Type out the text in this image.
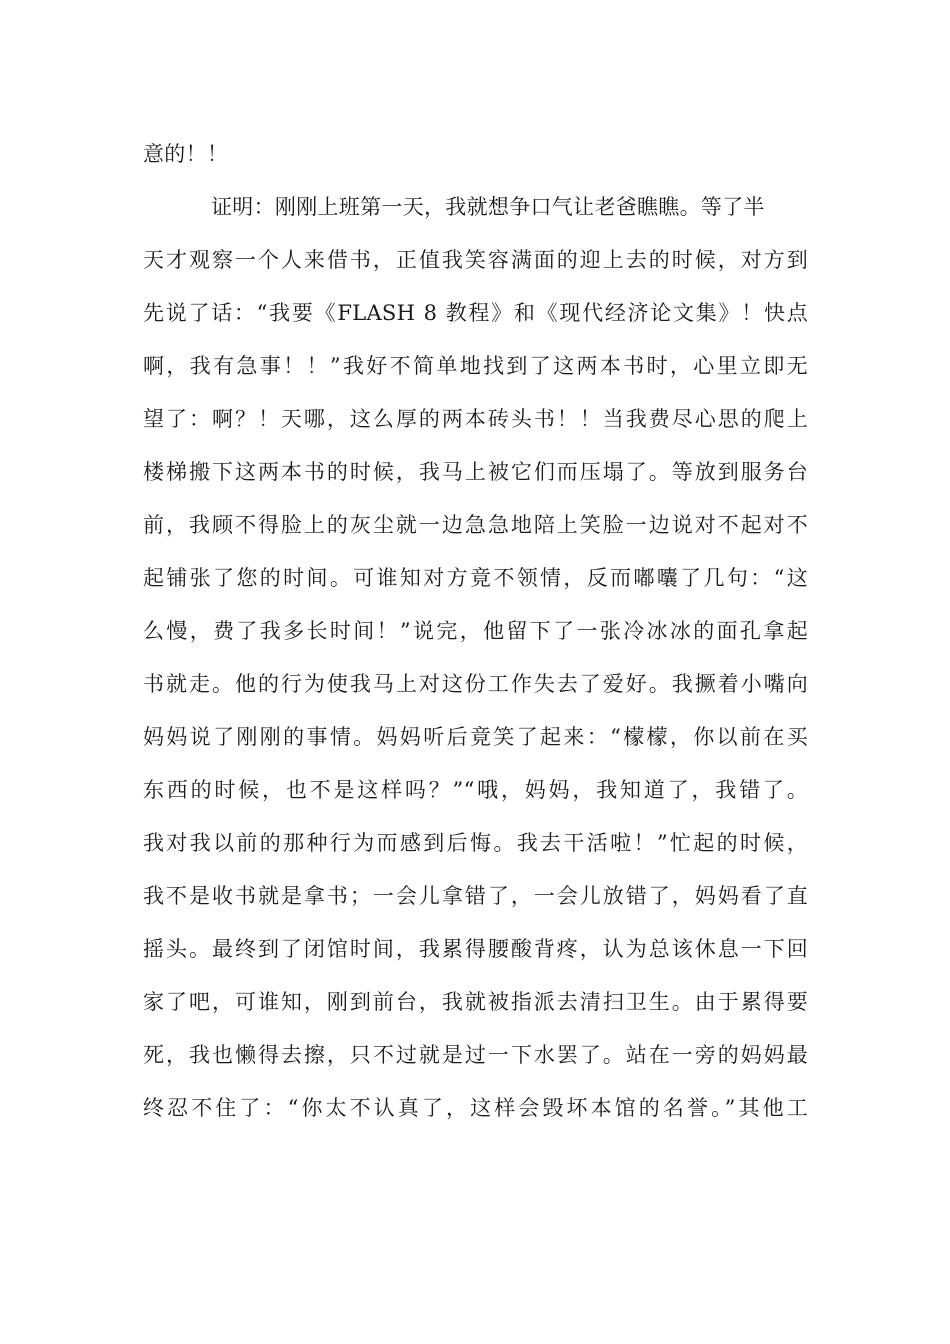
意的！！
证明：刚刚上班第一天，我就想争口气让老爸瞧瞧。等了半
天才观察一个人来借书，正值我笑容满面的迎上去的时候，对方到
先说了话：“我要《FLASH 8 教程》和《现代经济论文集》！快点
啊，我有急事！！”我好不简单地找到了这两本书时，心里立即无
望了：啊？！天哪，这么厚的两本砖头书！！当我费尽心思的爬上
楼梯搬下这两本书的时候，我马上被它们而压塌了。等放到服务台
前，我顾不得脸上的灰尘就一边急急地陪上笑脸一边说对不起对不
起铺张了您的时间。可谁知对方竟不领情，反而嘟囔了几句：“这
么慢，费了我多长时间！”说完，他留下了一张冷冰冰的面孔拿起
书就走。他的行为使我马上对这份工作失去了爱好。我撅着小嘴向
妈妈说了刚刚的事情。妈妈听后竟笑了起来：“檬檬，你以前在买
东西的时候，也不是这样吗？”“哦，妈妈，我知道了，我错了。
我对我以前的那种行为而感到后悔。我去干活啦！”忙起的时候，
我不是收书就是拿书；一会儿拿错了，一会儿放错了，妈妈看了直
摇头。最终到了闭馆时间，我累得腰酸背疼，认为总该休息一下回
家了吧，可谁知，刚到前台，我就被指派去清扫卫生。由于累得要
死，我也懒得去擦，只不过就是过一下水罢了。站在一旁的妈妈最
终忍不住了：“你太不认真了，这样会毁坏本馆的名誉。”其他工
